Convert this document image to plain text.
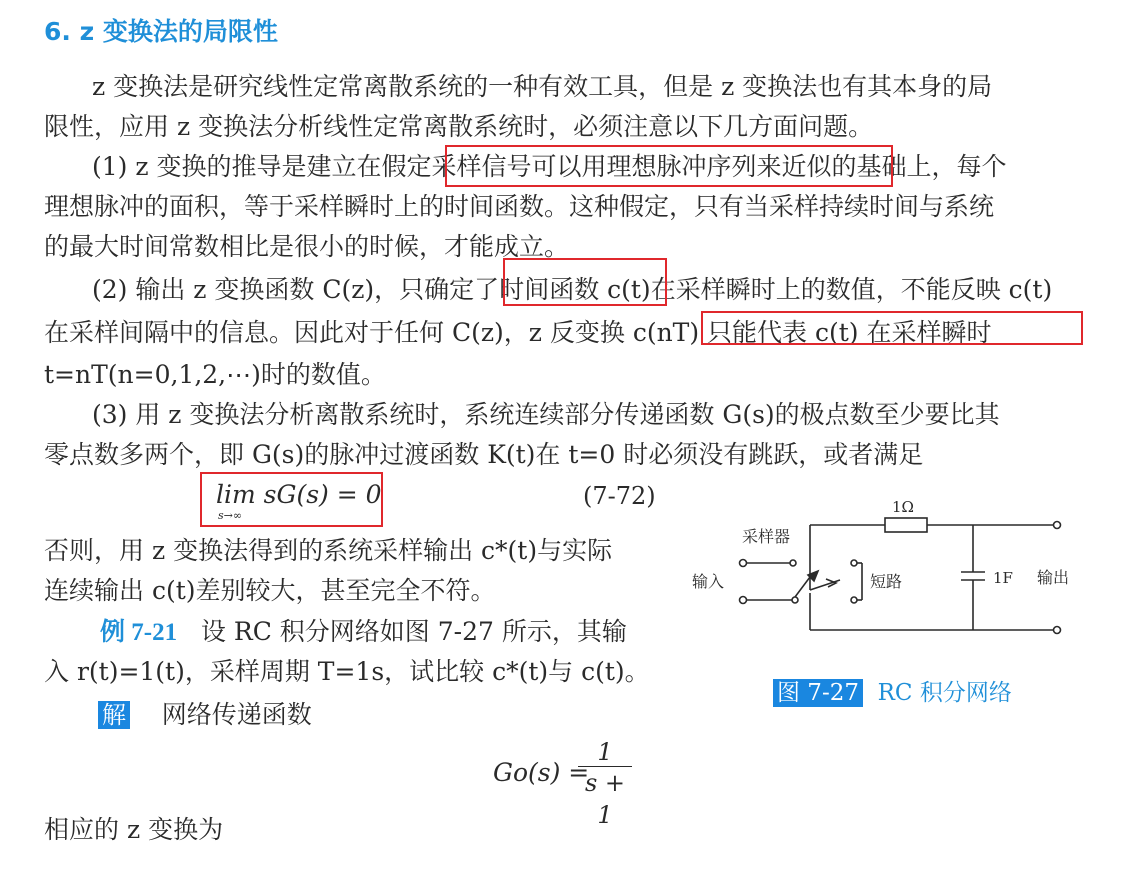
6. z 变换法的局限性
z 变换法是研究线性定常离散系统的一种有效工具，但是 z 变换法也有其本身的局
限性，应用 z 变换法分析线性定常离散系统时，必须注意以下几方面问题。
(1) z 变换的推导是建立在假定采样信号可以用理想脉冲序列来近似的基础上，每个
理想脉冲的面积，等于采样瞬时上的时间函数。这种假定，只有当采样持续时间与系统
的最大时间常数相比是很小的时候，才能成立。
(2) 输出 z 变换函数 C(z)，只确定了时间函数 c(t)在采样瞬时上的数值，不能反映 c(t)
在采样间隔中的信息。因此对于任何 C(z)，z 反变换 c(nT) 只能代表 c(t) 在采样瞬时
t=nT(n=0,1,2,⋯)时的数值。
(3) 用 z 变换法分析离散系统时，系统连续部分传递函数 G(s)的极点数至少要比其
零点数多两个，即 G(s)的脉冲过渡函数 K(t)在 t=0 时必须没有跳跃，或者满足
lim sG(s) = 0
s→∞
(7-72)
否则，用 z 变换法得到的系统采样输出 c*(t)与实际
连续输出 c(t)差别较大，甚至完全不符。
例 7-21 设 RC 积分网络如图 7-27 所示，其输
入 r(t)=1(t)，采样周期 T=1s，试比较 c*(t)与 c(t)。
解 网络传递函数
Go(s) =
1
s + 1
相应的 z 变换为
1Ω
采样器
输入	短路	1F 输出
图 7-27 RC 积分网络
